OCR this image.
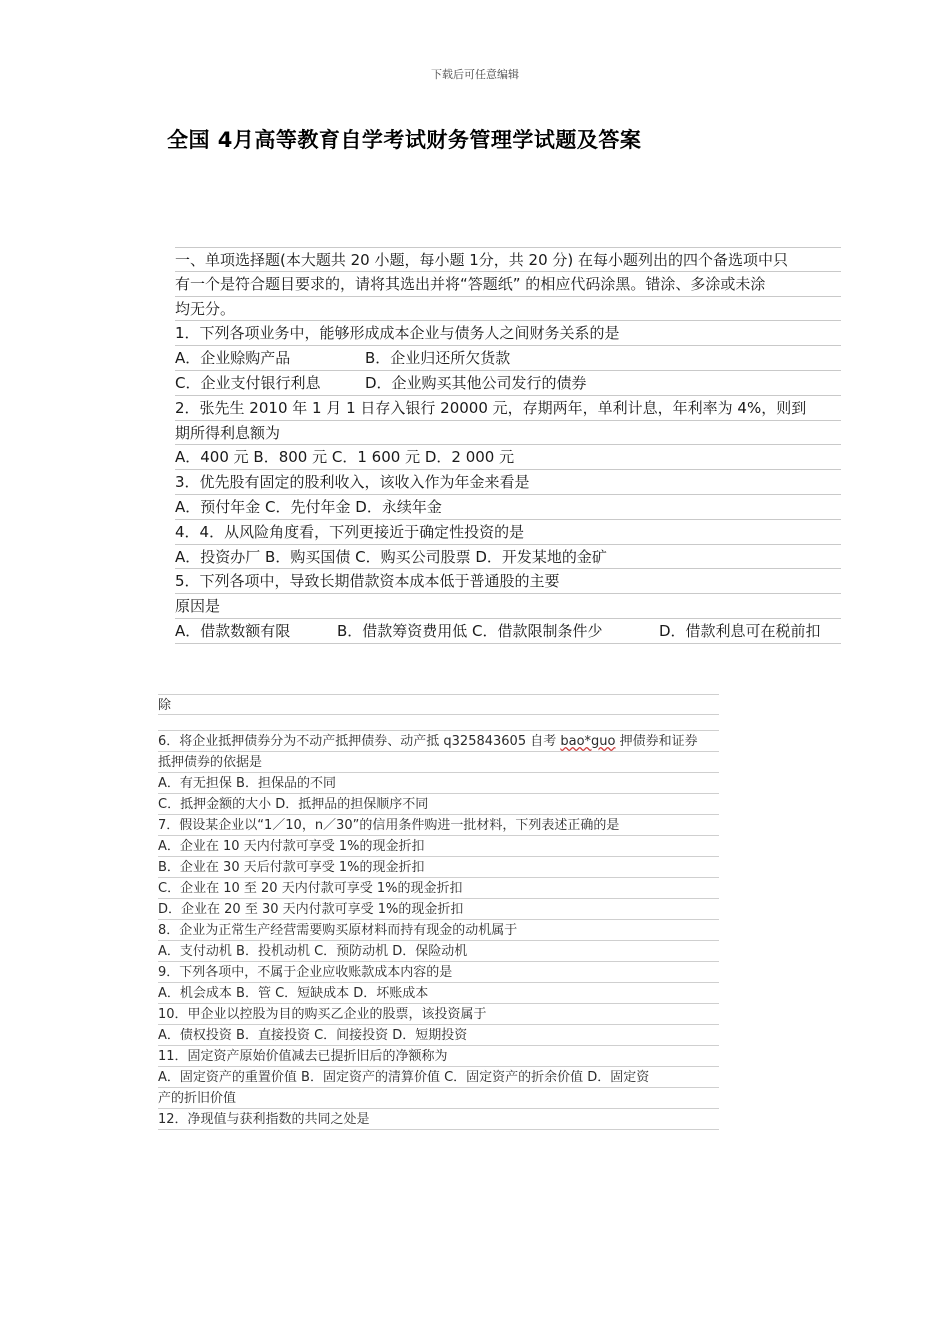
下载后可任意编辑
全国 4月高等教育自学考试财务管理学试题及答案
一、单项选择题(本大题共 20 小题，每小题 1分，共 20 分) 在每小题列出的四个备选项中只
有一个是符合题目要求的，请将其选出并将“答题纸” 的相应代码涂黑。错涂、多涂或未涂
均无分。
1．下列各项业务中，能够形成成本企业与债务人之间财务关系的是
A．企业赊购产品	B．企业归还所欠货款
C．企业支付银行利息	D．企业购买其他公司发行的债券
2．张先生 2010 年 1 月 1 日存入银行 20000 元，存期两年，单利计息，年利率为 4%，则到
期所得利息额为
A．400 元 B．800 元 C．1 600 元 D．2 000 元
3．优先股有固定的股利收入，该收入作为年金来看是
A．预付年金 C．先付年金 D．永续年金
4．4．从风险角度看，下列更接近于确定性投资的是
A．投资办厂 B．购买国债 C．购买公司股票 D．开发某地的金矿
5．下列各项中，导致长期借款资本成本低于普通股的主要
原因是
A．借款数额有限	B．借款筹资费用低 C．借款限制条件少	D．借款利息可在税前扣
除
6．将企业抵押债券分为不动产抵押债券、动产抵 q325843605 自考 bao*guo 押债券和证券
抵押债券的依据是
A．有无担保 B．担保品的不同
C．抵押金额的大小 D．抵押品的担保顺序不同
7．假设某企业以“1／10，n／30”的信用条件购进一批材料，下列表述正确的是
A．企业在 10 天内付款可享受 1%的现金折扣
B．企业在 30 天后付款可享受 1%的现金折扣
C．企业在 10 至 20 天内付款可享受 1%的现金折扣
D．企业在 20 至 30 天内付款可享受 1%的现金折扣
8．企业为正常生产经营需要购买原材料而持有现金的动机属于
A．支付动机 B．投机动机 C．预防动机 D．保险动机
9．下列各项中，不属于企业应收账款成本内容的是
A．机会成本 B．管 C．短缺成本 D．坏账成本
10．甲企业以控股为目的购买乙企业的股票，该投资属于
A．债权投资 B．直接投资 C．间接投资 D．短期投资
11．固定资产原始价值减去已提折旧后的净额称为
A．固定资产的重置价值 B．固定资产的清算价值 C．固定资产的折余价值 D．固定资
产的折旧价值
12．净现值与获利指数的共同之处是
